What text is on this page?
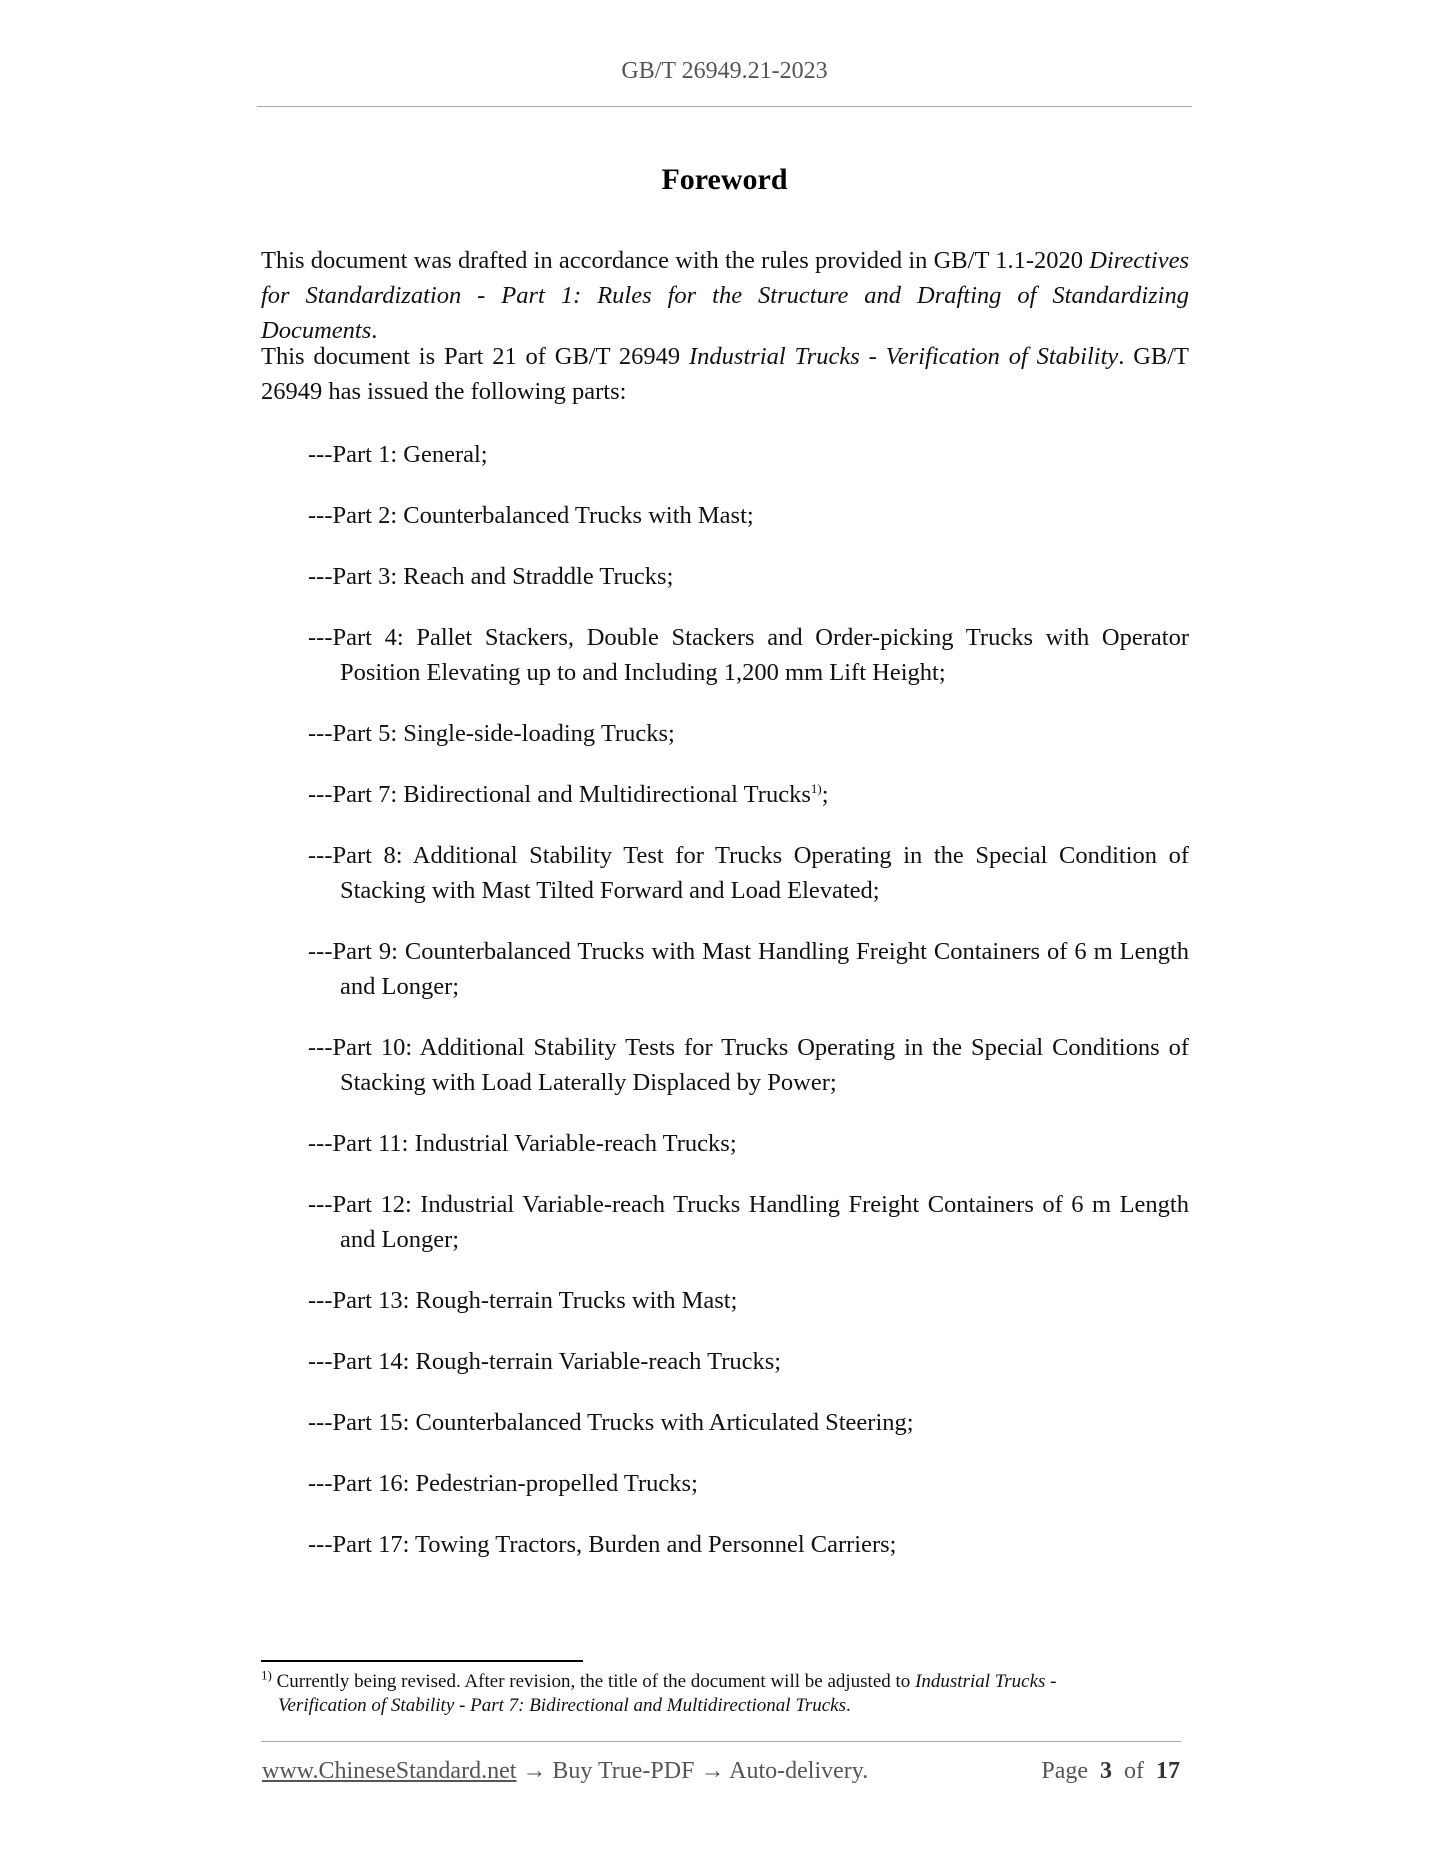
GB/T 26949.21-2023
Foreword
This document was drafted in accordance with the rules provided in GB/T 1.1-2020 Directives for Standardization - Part 1: Rules for the Structure and Drafting of Standardizing Documents.
This document is Part 21 of GB/T 26949 Industrial Trucks - Verification of Stability. GB/T 26949 has issued the following parts:
---Part 1: General;
---Part 2: Counterbalanced Trucks with Mast;
---Part 3: Reach and Straddle Trucks;
---Part 4: Pallet Stackers, Double Stackers and Order-picking Trucks with Operator Position Elevating up to and Including 1,200 mm Lift Height;
---Part 5: Single-side-loading Trucks;
---Part 7: Bidirectional and Multidirectional Trucks$^{1)}$;
---Part 8: Additional Stability Test for Trucks Operating in the Special Condition of Stacking with Mast Tilted Forward and Load Elevated;
---Part 9: Counterbalanced Trucks with Mast Handling Freight Containers of 6 m Length and Longer;
---Part 10: Additional Stability Tests for Trucks Operating in the Special Conditions of Stacking with Load Laterally Displaced by Power;
---Part 11: Industrial Variable-reach Trucks;
---Part 12: Industrial Variable-reach Trucks Handling Freight Containers of 6 m Length and Longer;
---Part 13: Rough-terrain Trucks with Mast;
---Part 14: Rough-terrain Variable-reach Trucks;
---Part 15: Counterbalanced Trucks with Articulated Steering;
---Part 16: Pedestrian-propelled Trucks;
---Part 17: Towing Tractors, Burden and Personnel Carriers;
$^{1)}$ Currently being revised. After revision, the title of the document will be adjusted to Industrial Trucks -
Verification of Stability - Part 7: Bidirectional and Multidirectional Trucks.
www.ChineseStandard.net → Buy True-PDF → Auto-delivery.	Page 3 of 17
